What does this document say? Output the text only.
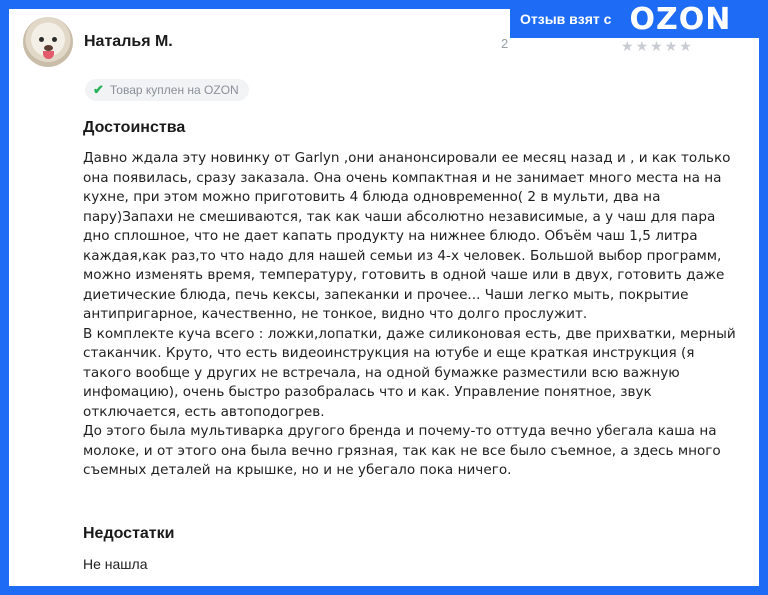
Наталья М.	2	★ ★ ★ ★ ★
✔ Товар куплен на OZON
Достоинства

Давно ждала эту новинку от Garlyn ,они ананонсировали ее месяц назад и , и как только она появилась, сразу заказала. Она очень компактная и не занимает много места на на кухне, при этом можно приготовить 4 блюда одновременно( 2 в мульти, два на пару)Запахи не смешиваются, так как чаши абсолютно независимые, а у чаш для пара дно сплошное, что не дает капать продукту на нижнее блюдо. Объём чаш 1,5 литра каждая,как раз,то что надо для нашей семьи из 4-х человек. Большой выбор программ, можно изменять время, температуру, готовить в одной чаше или в двух, готовить даже диетические блюда, печь кексы, запеканки и прочее... Чаши легко мыть, покрытие антипригарное, качественно, не тонкое, видно что долго прослужит.

В комплекте куча всего : ложки,лопатки, даже силиконовая есть, две прихватки, мерный стаканчик. Круто, что есть видеоинструкция на ютубе и еще краткая инструкция (я такого вообще у других не встречала, на одной бумажке разместили всю важную инфомацию), очень быстро разобралась что и как. Управление понятное, звук отключается, есть автоподогрев.

До этого была мультиварка другого бренда и почему-то оттуда вечно убегала каша на молоке, и от этого она была вечно грязная, так как не все было съемное, а здесь много съемных деталей на крышке, но и не убегало пока ничего.

Недостатки
Не нашла
Отзыв взят с OZON
